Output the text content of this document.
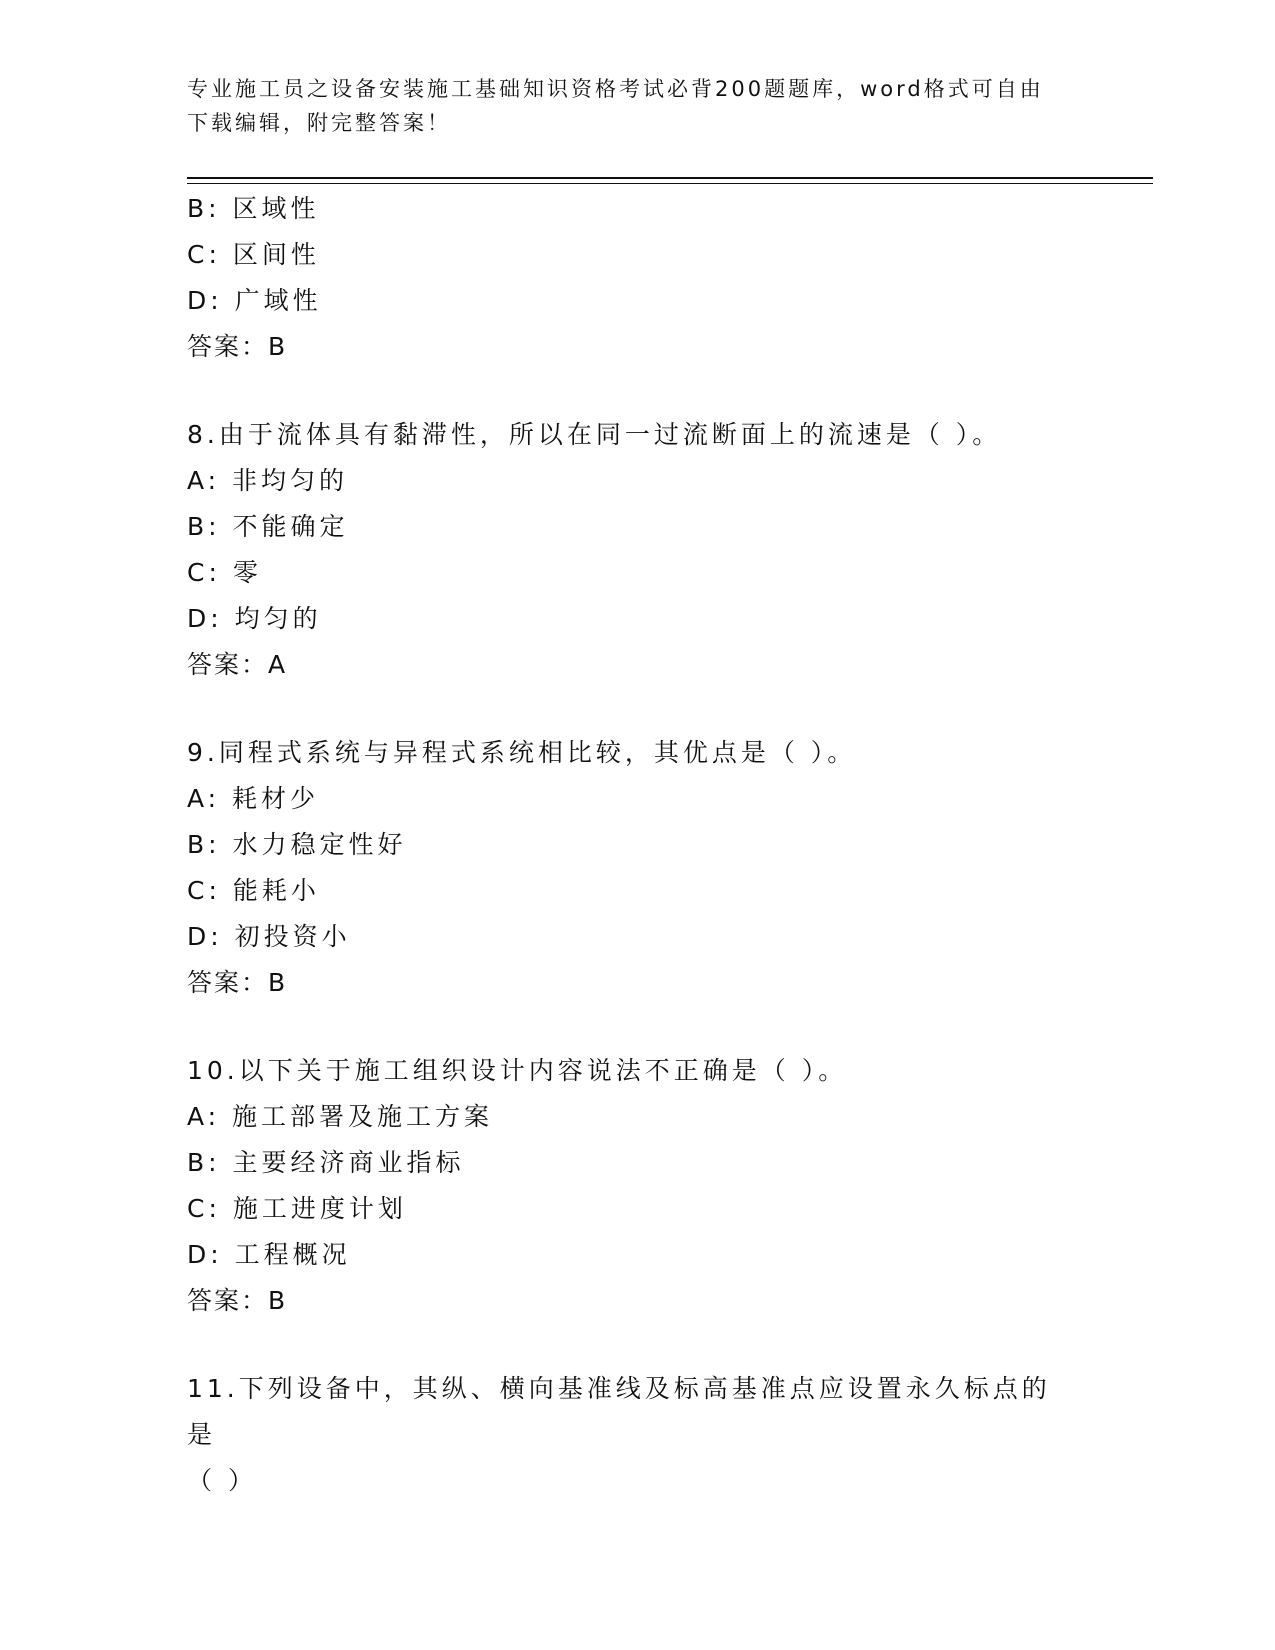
专业施工员之设备安装施工基础知识资格考试必背200题题库，word格式可自由
下载编辑，附完整答案！
B: 区域性
C: 区间性
D: 广域性
答案：B
8.由于流体具有黏滞性，所以在同一过流断面上的流速是（ ）。
A: 非均匀的
B: 不能确定
C: 零
D: 均匀的
答案：A
9.同程式系统与异程式系统相比较，其优点是（ ）。
A: 耗材少
B: 水力稳定性好
C: 能耗小
D: 初投资小
答案：B
10.以下关于施工组织设计内容说法不正确是（ ）。
A: 施工部署及施工方案
B: 主要经济商业指标
C: 施工进度计划
D: 工程概况
答案：B
11.下列设备中，其纵、横向基准线及标高基准点应设置永久标点的是
（ ）
